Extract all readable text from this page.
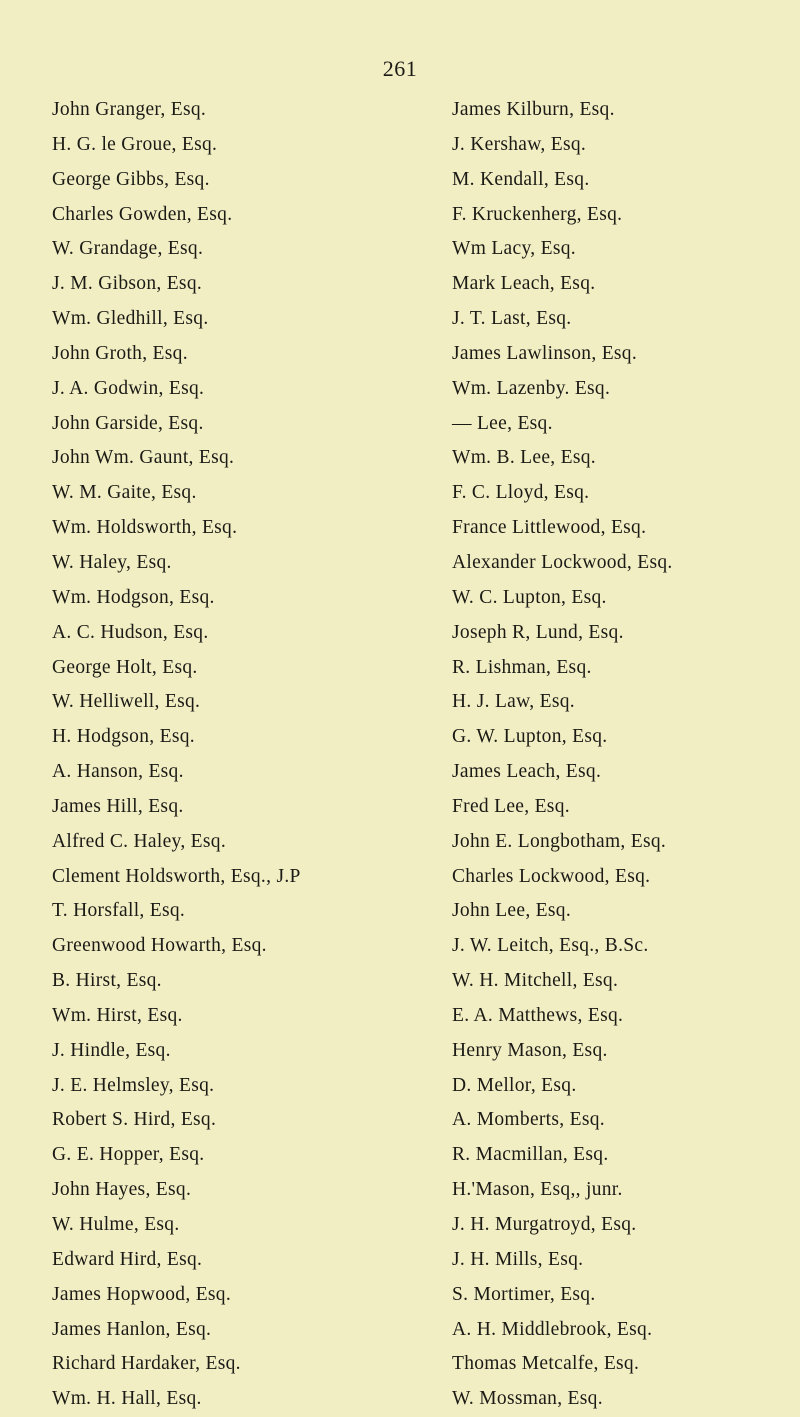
261
John Granger, Esq.
H. G. le Groue, Esq.
George Gibbs, Esq.
Charles Gowden, Esq.
W. Grandage, Esq.
J. M. Gibson, Esq.
Wm. Gledhill, Esq.
John Groth, Esq.
J. A. Godwin, Esq.
John Garside, Esq.
John Wm. Gaunt, Esq.
W. M. Gaite, Esq.
Wm. Holdsworth, Esq.
W. Haley, Esq.
Wm. Hodgson, Esq.
A. C. Hudson, Esq.
George Holt, Esq.
W. Helliwell, Esq.
H. Hodgson, Esq.
A. Hanson, Esq.
James Hill, Esq.
Alfred C. Haley, Esq.
Clement Holdsworth, Esq., J.P
T. Horsfall, Esq.
Greenwood Howarth, Esq.
B. Hirst, Esq.
Wm. Hirst, Esq.
J. Hindle, Esq.
J. E. Helmsley, Esq.
Robert S. Hird, Esq.
G. E. Hopper, Esq.
John Hayes, Esq.
W. Hulme, Esq.
Edward Hird, Esq.
James Hopwood, Esq.
James Hanlon, Esq.
Richard Hardaker, Esq.
Wm. H. Hall, Esq.
James Kilburn, Esq.
J. Kershaw, Esq.
M. Kendall, Esq.
F. Kruckenherg, Esq.
Wm Lacy, Esq.
Mark Leach, Esq.
J. T. Last, Esq.
James Lawlinson, Esq.
Wm. Lazenby. Esq.
— Lee, Esq.
Wm. B. Lee, Esq.
F. C. Lloyd, Esq.
France Littlewood, Esq.
Alexander Lockwood, Esq.
W. C. Lupton, Esq.
Joseph R, Lund, Esq.
R. Lishman, Esq.
H. J. Law, Esq.
G. W. Lupton, Esq.
James Leach, Esq.
Fred Lee, Esq.
John E. Longbotham, Esq.
Charles Lockwood, Esq.
John Lee, Esq.
J. W. Leitch, Esq., B.Sc.
W. H. Mitchell, Esq.
E. A. Matthews, Esq.
Henry Mason, Esq.
D. Mellor, Esq.
A. Momberts, Esq.
R. Macmillan, Esq.
H.'Mason, Esq,, junr.
J. H. Murgatroyd, Esq.
J. H. Mills, Esq.
S. Mortimer, Esq.
A. H. Middlebrook, Esq.
Thomas Metcalfe, Esq.
W. Mossman, Esq.
